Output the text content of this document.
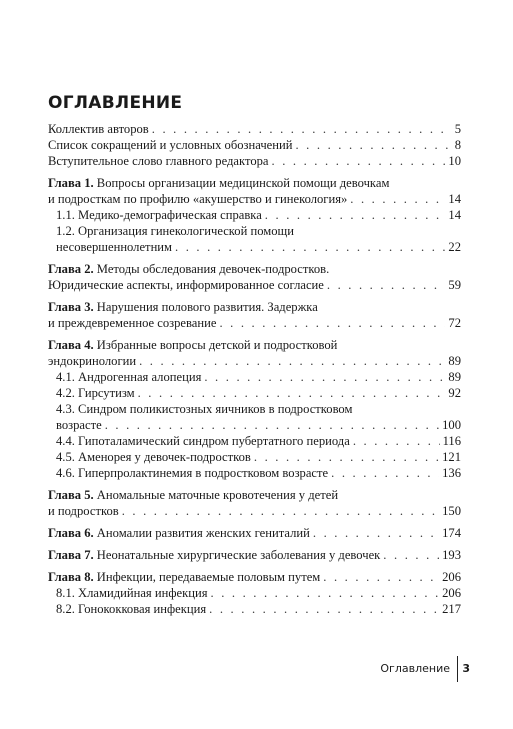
ОГЛАВЛЕНИЕ
Коллектив авторов . . .	5
Список сокращений и условных обозначений . . .	8
Вступительное слово главного редактора . . .	10
Глава 1. Вопросы организации медицинской помощи девочкам
и подросткам по профилю «акушерство и гинекология» . . .	14
1.1. Медико-демографическая справка . . .	14
1.2. Организация гинекологической помощи
несовершеннолетним . . .	22
Глава 2. Методы обследования девочек-подростков.
Юридические аспекты, информированное согласие . . .	59
Глава 3. Нарушения полового развития. Задержка
и преждевременное созревание . . .	72
Глава 4. Избранные вопросы детской и подростковой
эндокринологии . . .	89
4.1. Андрогенная алопеция . . .	89
4.2. Гирсутизм . . .	92
4.3. Синдром поликистозных яичников в подростковом
возрасте . . .	100
4.4. Гипоталамический синдром пубертатного периода . . .	116
4.5. Аменорея у девочек-подростков . . .	121
4.6. Гиперпролактинемия в подростковом возрасте . . .	136
Глава 5. Аномальные маточные кровотечения у детей
и подростков . . .	150
Глава 6. Аномалии развития женских гениталий . . .	174
Глава 7. Неонатальные хирургические заболевания у девочек . . .	193
Глава 8. Инфекции, передаваемые половым путем . . .	206
8.1. Хламидийная инфекция . . .	206
8.2. Гонококковая инфекция . . .	217
Оглавление 3
